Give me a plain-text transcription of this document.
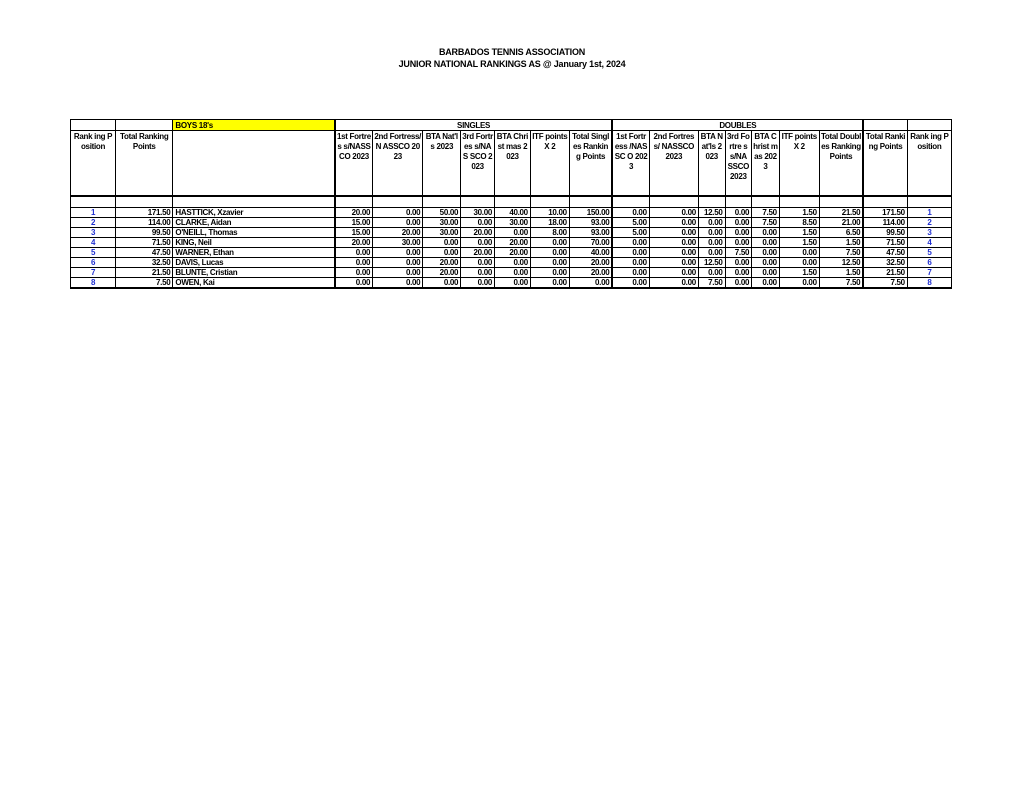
BARBADOS TENNIS ASSOCIATION
JUNIOR NATIONAL RANKINGS AS @ January 1st, 2024
		BOYS 18's	SINGLES							DOUBLES								
Rank ing Position	Total Ranking Points		1st Fortres s/NASS CO 2023	2nd Fortress/N ASSCO 2023	BTA Nat'ls 2023	3rd Fortres s/NAS SCO 2023	BTA Christ mas 2023	ITF points X 2	Total Singles Ranking Points	1st Fortress /NASSC O 2023	2nd Fortress/ NASSCO 2023	BTA Nat'ls 2023	3rd Fortre ss/NA SSCO 2023	BTA Christ mas 2023	ITF points X 2	Total Doubles Ranking Points	Total Ranking Points	Rank ing Position

1	171.50	HASTTICK, Xzavier	20.00	0.00	50.00	30.00	40.00	10.00	150.00	0.00	0.00	12.50	0.00	7.50	1.50	21.50	171.50	1
2	114.00	CLARKE, Aidan	15.00	0.00	30.00	0.00	30.00	18.00	93.00	5.00	0.00	0.00	0.00	7.50	8.50	21.00	114.00	2
3	99.50	O'NEILL, Thomas	15.00	20.00	30.00	20.00	0.00	8.00	93.00	5.00	0.00	0.00	0.00	0.00	1.50	6.50	99.50	3
4	71.50	KING, Neil	20.00	30.00	0.00	0.00	20.00	0.00	70.00	0.00	0.00	0.00	0.00	0.00	1.50	1.50	71.50	4
5	47.50	WARNER, Ethan	0.00	0.00	0.00	20.00	20.00	0.00	40.00	0.00	0.00	0.00	7.50	0.00	0.00	7.50	47.50	5
6	32.50	DAVIS, Lucas	0.00	0.00	20.00	0.00	0.00	0.00	20.00	0.00	0.00	12.50	0.00	0.00	0.00	12.50	32.50	6
7	21.50	BLUNTE, Cristian	0.00	0.00	20.00	0.00	0.00	0.00	20.00	0.00	0.00	0.00	0.00	0.00	1.50	1.50	21.50	7
8	7.50	OWEN, Kai	0.00	0.00	0.00	0.00	0.00	0.00	0.00	0.00	0.00	7.50	0.00	0.00	0.00	7.50	7.50	8
